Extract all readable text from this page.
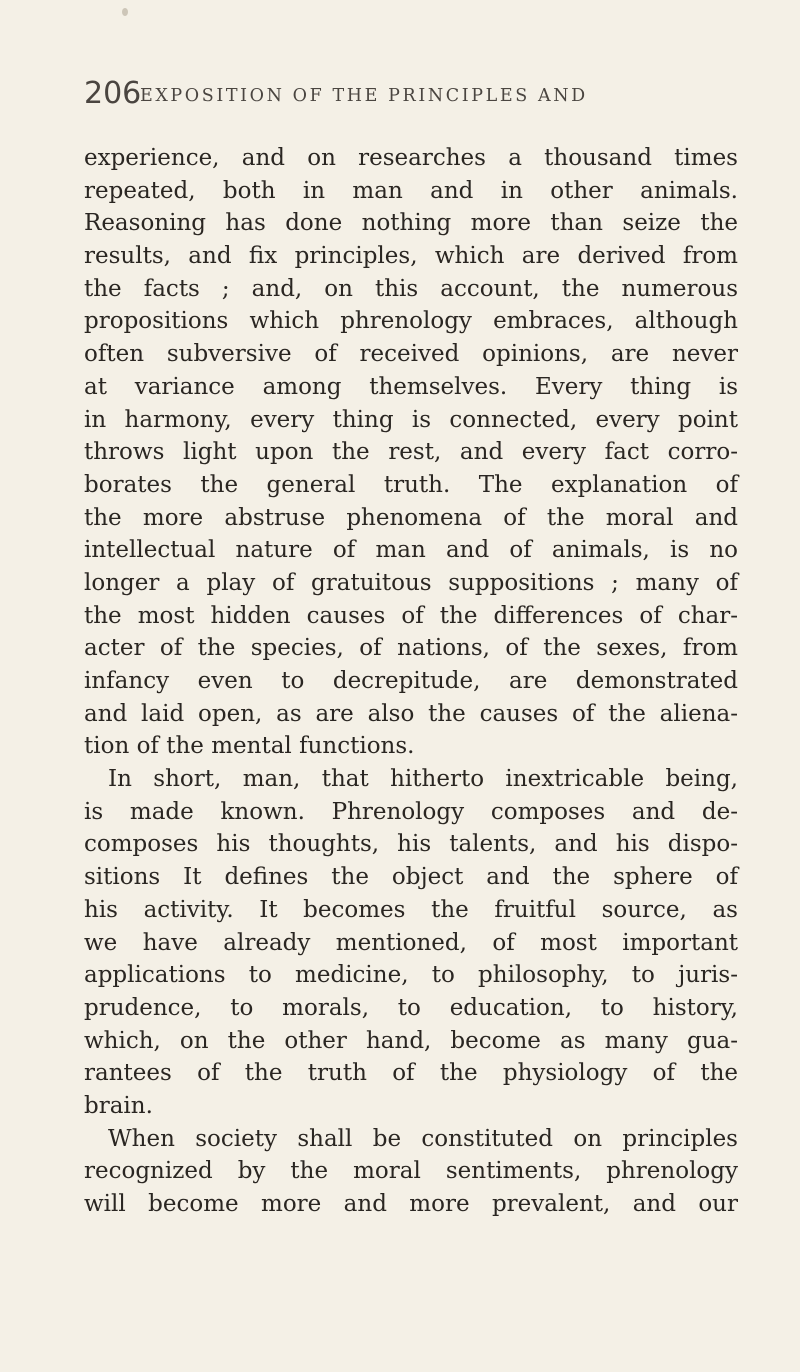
206
EXPOSITION OF THE PRINCIPLES AND
experience, and on researches a thousand times
repeated, both in man and in other animals.
Reasoning has done nothing more than seize the
results, and fix principles, which are derived from
the facts ; and, on this account, the numerous
propositions which phrenology embraces, although
often subversive of received opinions, are never
at variance among themselves. Every thing is
in harmony, every thing is connected, every point
throws light upon the rest, and every fact corro-
borates the general truth. The explanation of
the more abstruse phenomena of the moral and
intellectual nature of man and of animals, is no
longer a play of gratuitous suppositions ; many of
the most hidden causes of the differences of char-
acter of the species, of nations, of the sexes, from
infancy even to decrepitude, are demonstrated
and laid open, as are also the causes of the aliena-
tion of the mental functions.
In short, man, that hitherto inextricable being,
is made known. Phrenology composes and de-
composes his thoughts, his talents, and his dispo-
sitions It defines the object and the sphere of
his activity. It becomes the fruitful source, as
we have already mentioned, of most important
applications to medicine, to philosophy, to juris-
prudence, to morals, to education, to history,
which, on the other hand, become as many gua-
rantees of the truth of the physiology of the
brain.
When society shall be constituted on principles
recognized by the moral sentiments, phrenology
will become more and more prevalent, and our
